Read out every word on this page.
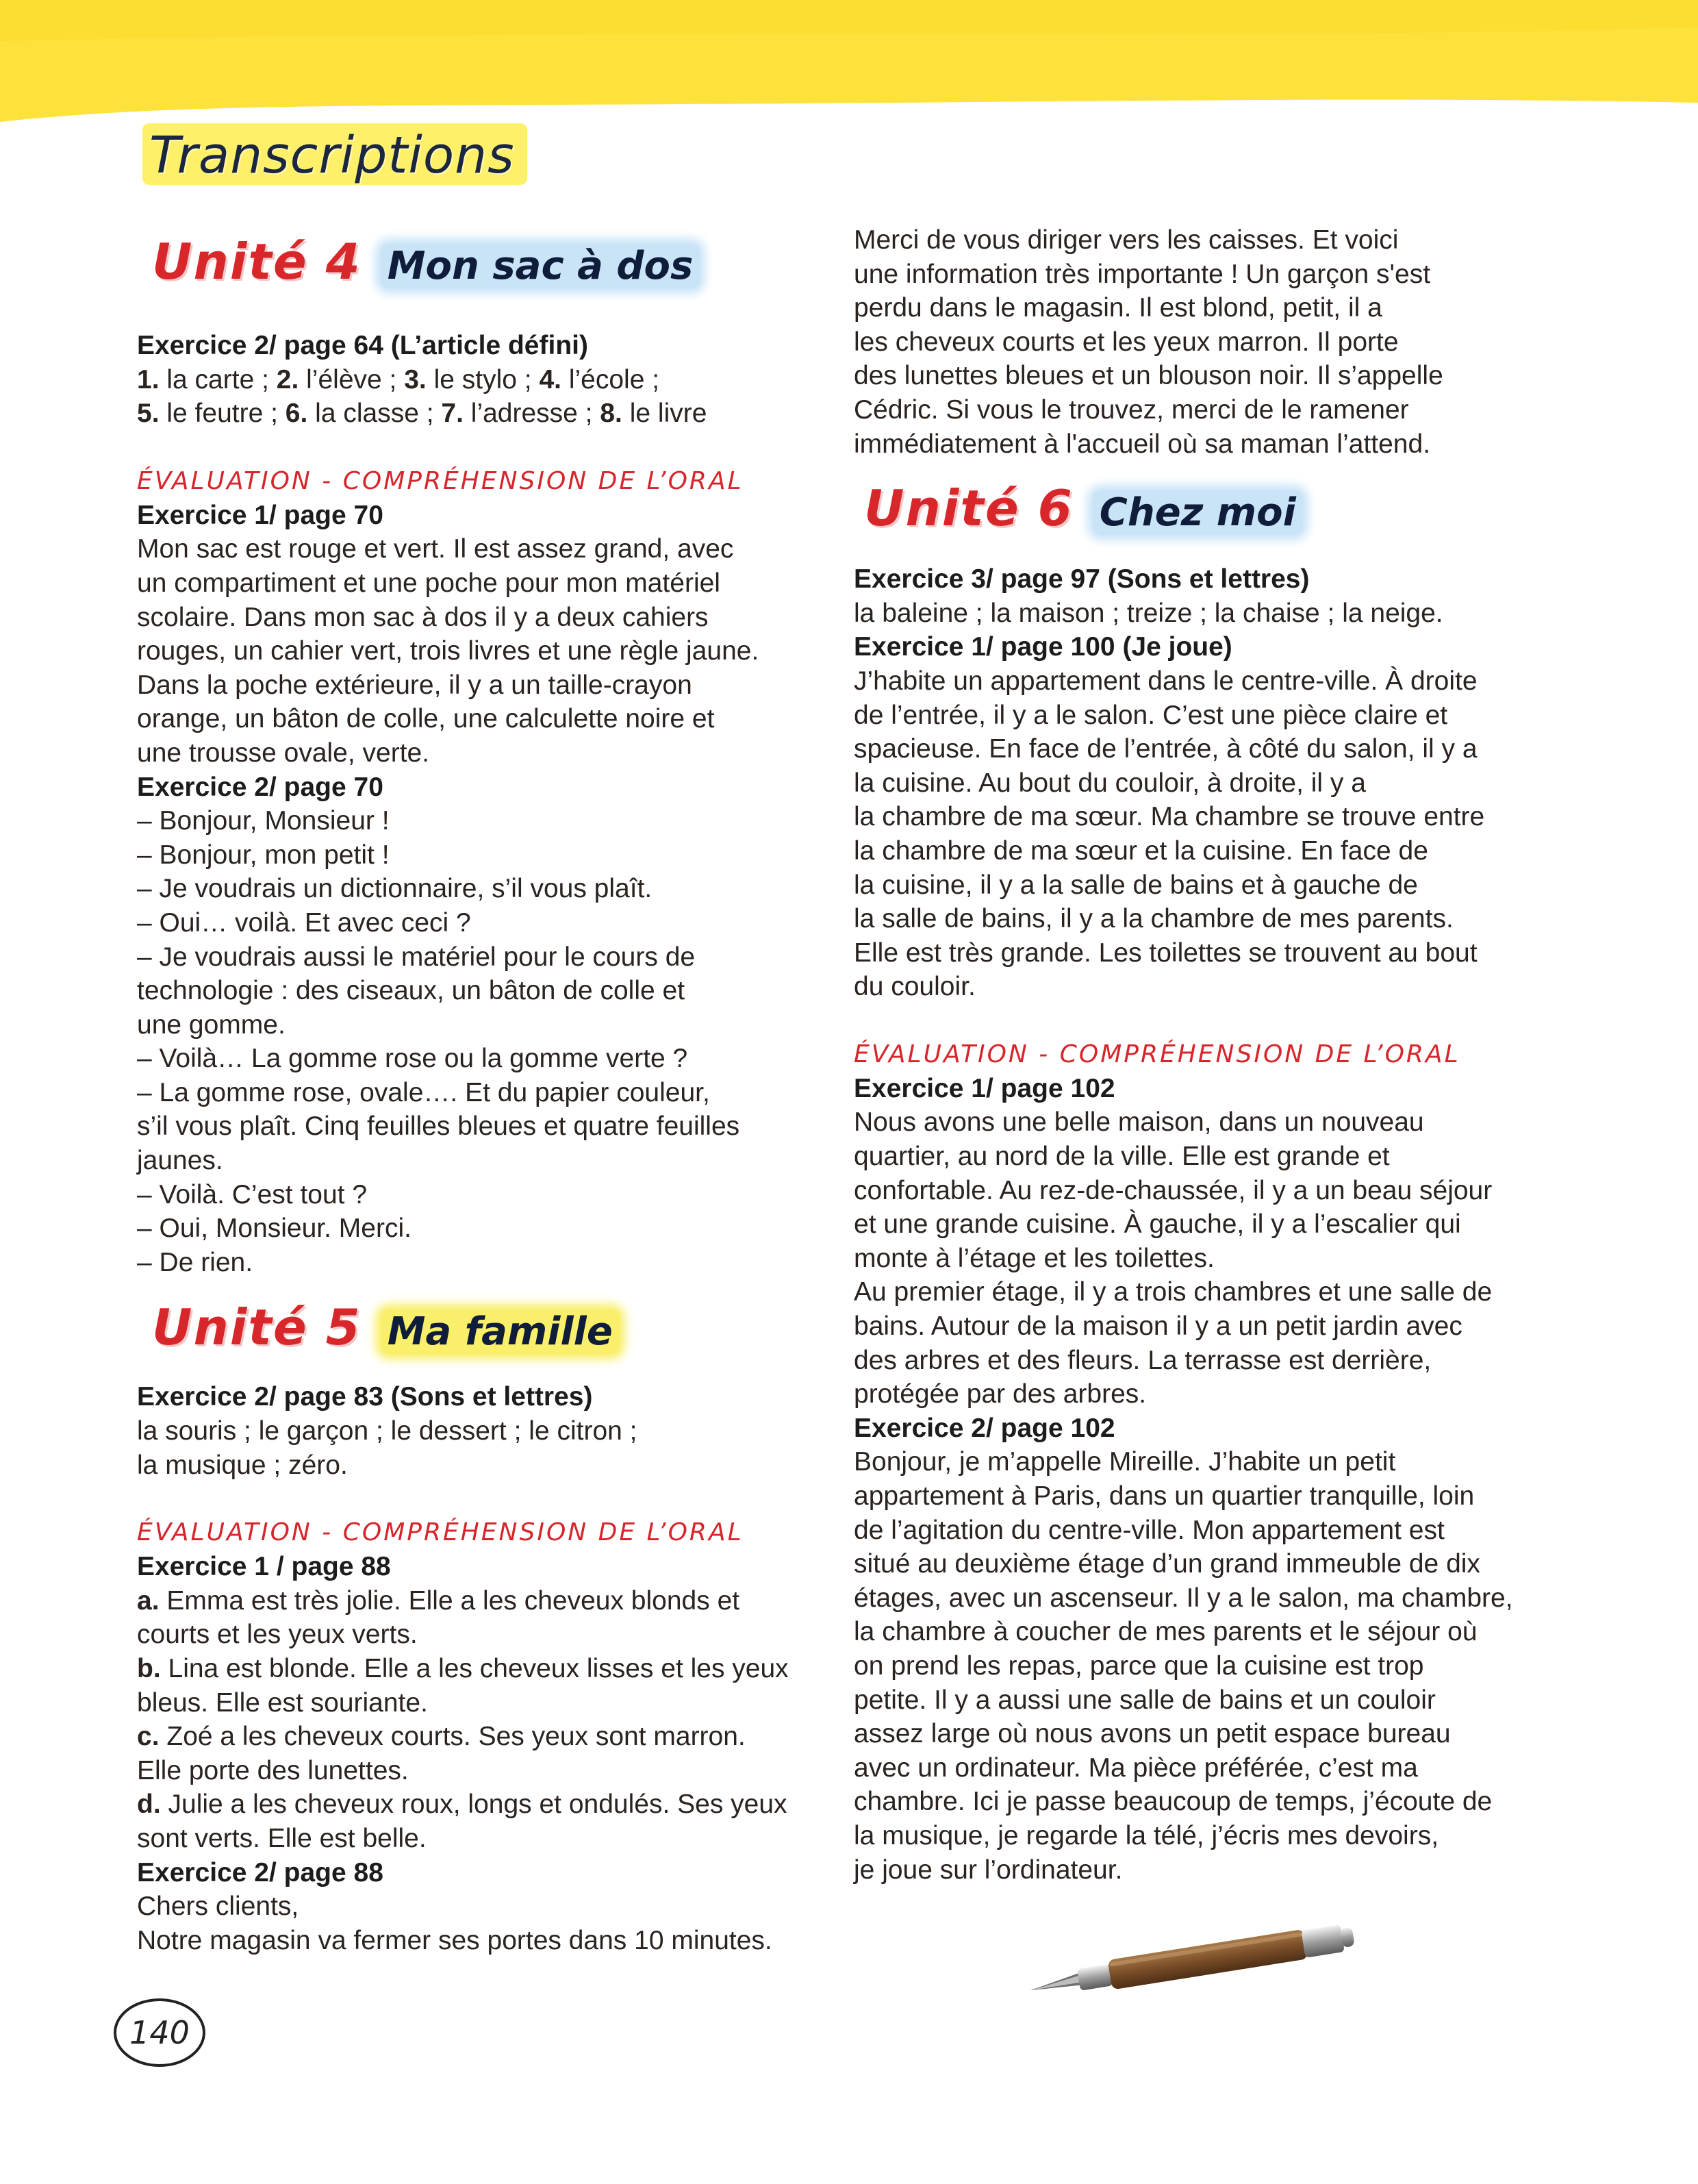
Transcriptions
Unité 4 Mon sac à dos

Exercice 2/ page 64 (L’article défini)

1. la carte ; 2. l’élève ; 3. le stylo ; 4. l’école ;

5. le feutre ; 6. la classe ; 7. l’adresse ; 8. le livre

ÉVALUATION - COMPRÉHENSION DE L’ORAL

Exercice 1/ page 70

Mon sac est rouge et vert. Il est assez grand, avec

un compartiment et une poche pour mon matériel

scolaire. Dans mon sac à dos il y a deux cahiers

rouges, un cahier vert, trois livres et une règle jaune.

Dans la poche extérieure, il y a un taille-crayon

orange, un bâton de colle, une calculette noire et

une trousse ovale, verte.

Exercice 2/ page 70

– Bonjour, Monsieur !

– Bonjour, mon petit !

– Je voudrais un dictionnaire, s’il vous plaît.

– Oui… voilà. Et avec ceci ?

– Je voudrais aussi le matériel pour le cours de

technologie : des ciseaux, un bâton de colle et

une gomme.

– Voilà… La gomme rose ou la gomme verte ?

– La gomme rose, ovale…. Et du papier couleur,

s’il vous plaît. Cinq feuilles bleues et quatre feuilles

jaunes.

– Voilà. C’est tout ?

– Oui, Monsieur. Merci.

– De rien.

Exercice 2/ page 83 (Sons et lettres)

la souris ; le garçon ; le dessert ; le citron ;

la musique ; zéro.

ÉVALUATION - COMPRÉHENSION DE L’ORAL

Exercice 1 / page 88

a. Emma est très jolie. Elle a les cheveux blonds et

courts et les yeux verts.

b. Lina est blonde. Elle a les cheveux lisses et les yeux

bleus. Elle est souriante.

c. Zoé a les cheveux courts. Ses yeux sont marron.

Elle porte des lunettes.

d. Julie a les cheveux roux, longs et ondulés. Ses yeux

sont verts. Elle est belle.

Exercice 2/ page 88

Chers clients,

Notre magasin va fermer ses portes dans 10 minutes.

Unité 5 Ma famille

Merci de vous diriger vers les caisses. Et voici

une information très importante ! Un garçon s'est

perdu dans le magasin. Il est blond, petit, il a

les cheveux courts et les yeux marron. Il porte

des lunettes bleues et un blouson noir. Il s’appelle

Cédric. Si vous le trouvez, merci de le ramener

immédiatement à l'accueil où sa maman l’attend.

Exercice 3/ page 97 (Sons et lettres)

la baleine ; la maison ; treize ; la chaise ; la neige.

Exercice 1/ page 100 (Je joue)

J’habite un appartement dans le centre-ville. À droite

de l’entrée, il y a le salon. C’est une pièce claire et

spacieuse. En face de l’entrée, à côté du salon, il y a

la cuisine. Au bout du couloir, à droite, il y a

la chambre de ma sœur. Ma chambre se trouve entre

la chambre de ma sœur et la cuisine. En face de

la cuisine, il y a la salle de bains et à gauche de

la salle de bains, il y a la chambre de mes parents.

Elle est très grande. Les toilettes se trouvent au bout

du couloir.

ÉVALUATION - COMPRÉHENSION DE L’ORAL

Exercice 1/ page 102

Nous avons une belle maison, dans un nouveau

quartier, au nord de la ville. Elle est grande et

confortable. Au rez-de-chaussée, il y a un beau séjour

et une grande cuisine. À gauche, il y a l’escalier qui

monte à l’étage et les toilettes.

Au premier étage, il y a trois chambres et une salle de

bains. Autour de la maison il y a un petit jardin avec

des arbres et des fleurs. La terrasse est derrière,

protégée par des arbres.

Exercice 2/ page 102

Bonjour, je m’appelle Mireille. J’habite un petit

appartement à Paris, dans un quartier tranquille, loin

de l’agitation du centre-ville. Mon appartement est

situé au deuxième étage d’un grand immeuble de dix

étages, avec un ascenseur. Il y a le salon, ma chambre,

la chambre à coucher de mes parents et le séjour où

on prend les repas, parce que la cuisine est trop

petite. Il y a aussi une salle de bains et un couloir

assez large où nous avons un petit espace bureau

avec un ordinateur. Ma pièce préférée, c’est ma

chambre. Ici je passe beaucoup de temps, j’écoute de

la musique, je regarde la télé, j’écris mes devoirs,

je joue sur l’ordinateur.

Unité 6 Chez moi
140
